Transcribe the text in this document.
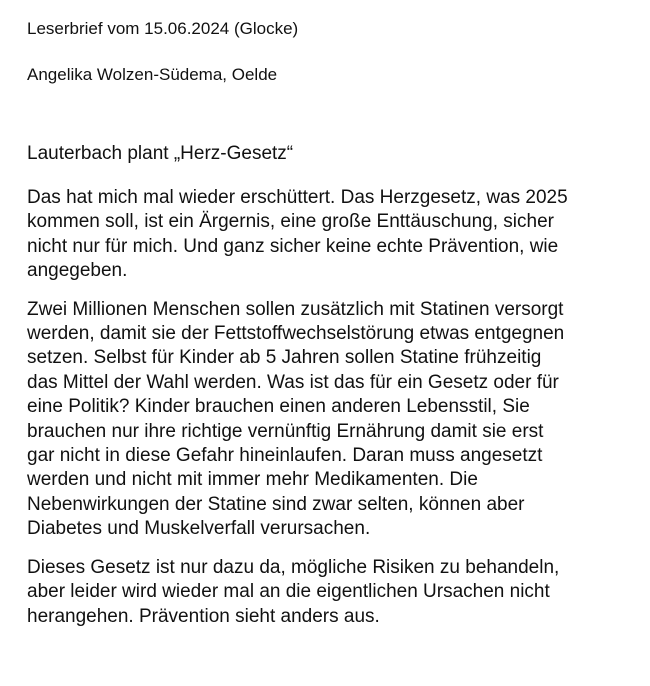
Leserbrief vom 15.06.2024 (Glocke)

Angelika Wolzen-Südema, Oelde

Lauterbach plant „Herz-Gesetz“
Das hat mich mal wieder erschüttert. Das Herzgesetz, was 2025
kommen soll, ist ein Ärgernis, eine große Enttäuschung, sicher
nicht nur für mich. Und ganz sicher keine echte Prävention, wie
angegeben.
Zwei Millionen Menschen sollen zusätzlich mit Statinen versorgt
werden, damit sie der Fettstoffwechselstörung etwas entgegnen
setzen. Selbst für Kinder ab 5 Jahren sollen Statine frühzeitig
das Mittel der Wahl werden. Was ist das für ein Gesetz oder für
eine Politik? Kinder brauchen einen anderen Lebensstil, Sie
brauchen nur ihre richtige vernünftig Ernährung damit sie erst
gar nicht in diese Gefahr hineinlaufen. Daran muss angesetzt
werden und nicht mit immer mehr Medikamenten. Die
Nebenwirkungen der Statine sind zwar selten, können aber
Diabetes und Muskelverfall verursachen.
Dieses Gesetz ist nur dazu da, mögliche Risiken zu behandeln,
aber leider wird wieder mal an die eigentlichen Ursachen nicht
herangehen. Prävention sieht anders aus.
